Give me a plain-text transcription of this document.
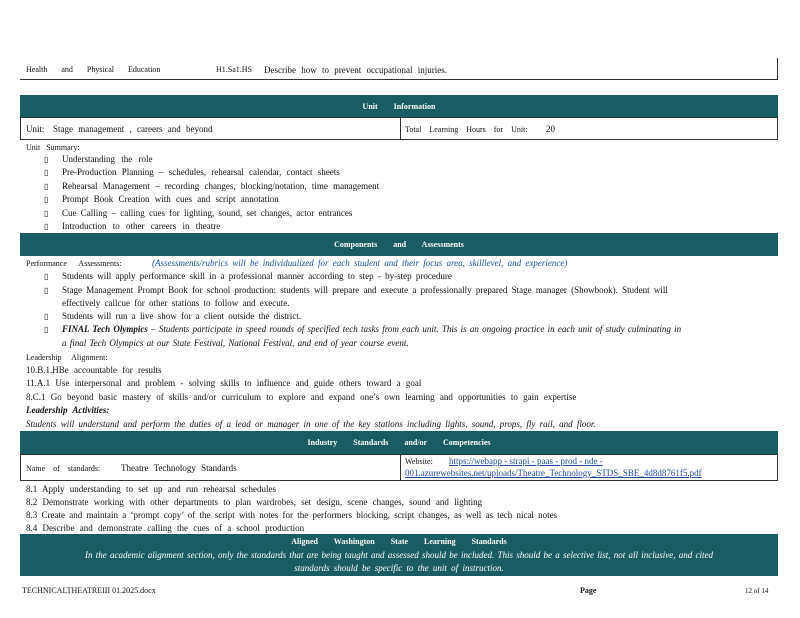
Health and Physical Education	H1.Sa1.HS Describe how to prevent occupational injuries.
Unit Information
Unit: Stage management , careers and beyond	Total Learning Hours for Unit: 20
Unit Summary:
▯ Understanding the role
▯ Pre-Production Planning – schedules, rehearsal calendar, contact sheets
▯ Rehearsal Management – recording changes, blocking/notation, time management
▯ Prompt Book Creation with cues and script annotation
▯ Cue Calling – calling cues for lighting, sound, set changes, actor entrances
▯ Introduction to other careers in theatre
Components and Assessments
Performance Assessments:	(Assessments/rubrics will be individualized for each student and their focus area, skilllevel, and experience)
▯ Students will apply performance skill in a professional manner according to step - by-step procedure
▯ Stage Management Prompt Book for school production: students will prepare and execute a professionally prepared Stage manager (Showbook). Student will
effectively callcue for other stations to follow and execute.
▯ Students will run a live show for a client outside the district.
▯ FINAL Tech Olympics – Students participate in speed rounds of specified tech tasks from each unit. This is an ongoing practice in each unit of study culminating in
a final Tech Olympics at our State Festival, National Festival, and end of year course event.
Leadership Alignment:
10.B.1.HBe accountable for results
11.A.1 Use interpersonal and problem - solving skills to influence and guide others toward a goal
8.C.1 Go beyond basic mastery of skills and/or curriculum to explore and expand one’s own learning and opportunities to gain expertise
Leadership Activities:
Students will understand and perform the duties of a lead or manager in one of the key stations including lights, sound, props, fly rail, and floor.
Industry Standards and/or Competencies
Name of standards: Theatre Technology Standards
Website: https://webapp - strapi - paas - prod - nde -
001.azurewebsites.net/uploads/Theatre_Technology_STDS_SBE_4d8d8761f5.pdf
8.1 Apply understanding to set up and run rehearsal schedules
8.2 Demonstrate working with other departments to plan wardrobes, set design, scene changes, sound and lighting
8.3 Create and maintain a ‘prompt copy’ of the script with notes for the performers blocking, script changes, as well as tech nical notes
8.4 Describe and demonstrate calling the cues of a school production
Aligned Washington State Learning Standards
In the academic alignment section, only the standards that are being taught and assessed should be included. This should be a selective list, not all inclusive, and cited
standards should be specific to the unit of instruction.
TECHNICALTHEATREIII 01.2025.docx	Page	12 of 14
